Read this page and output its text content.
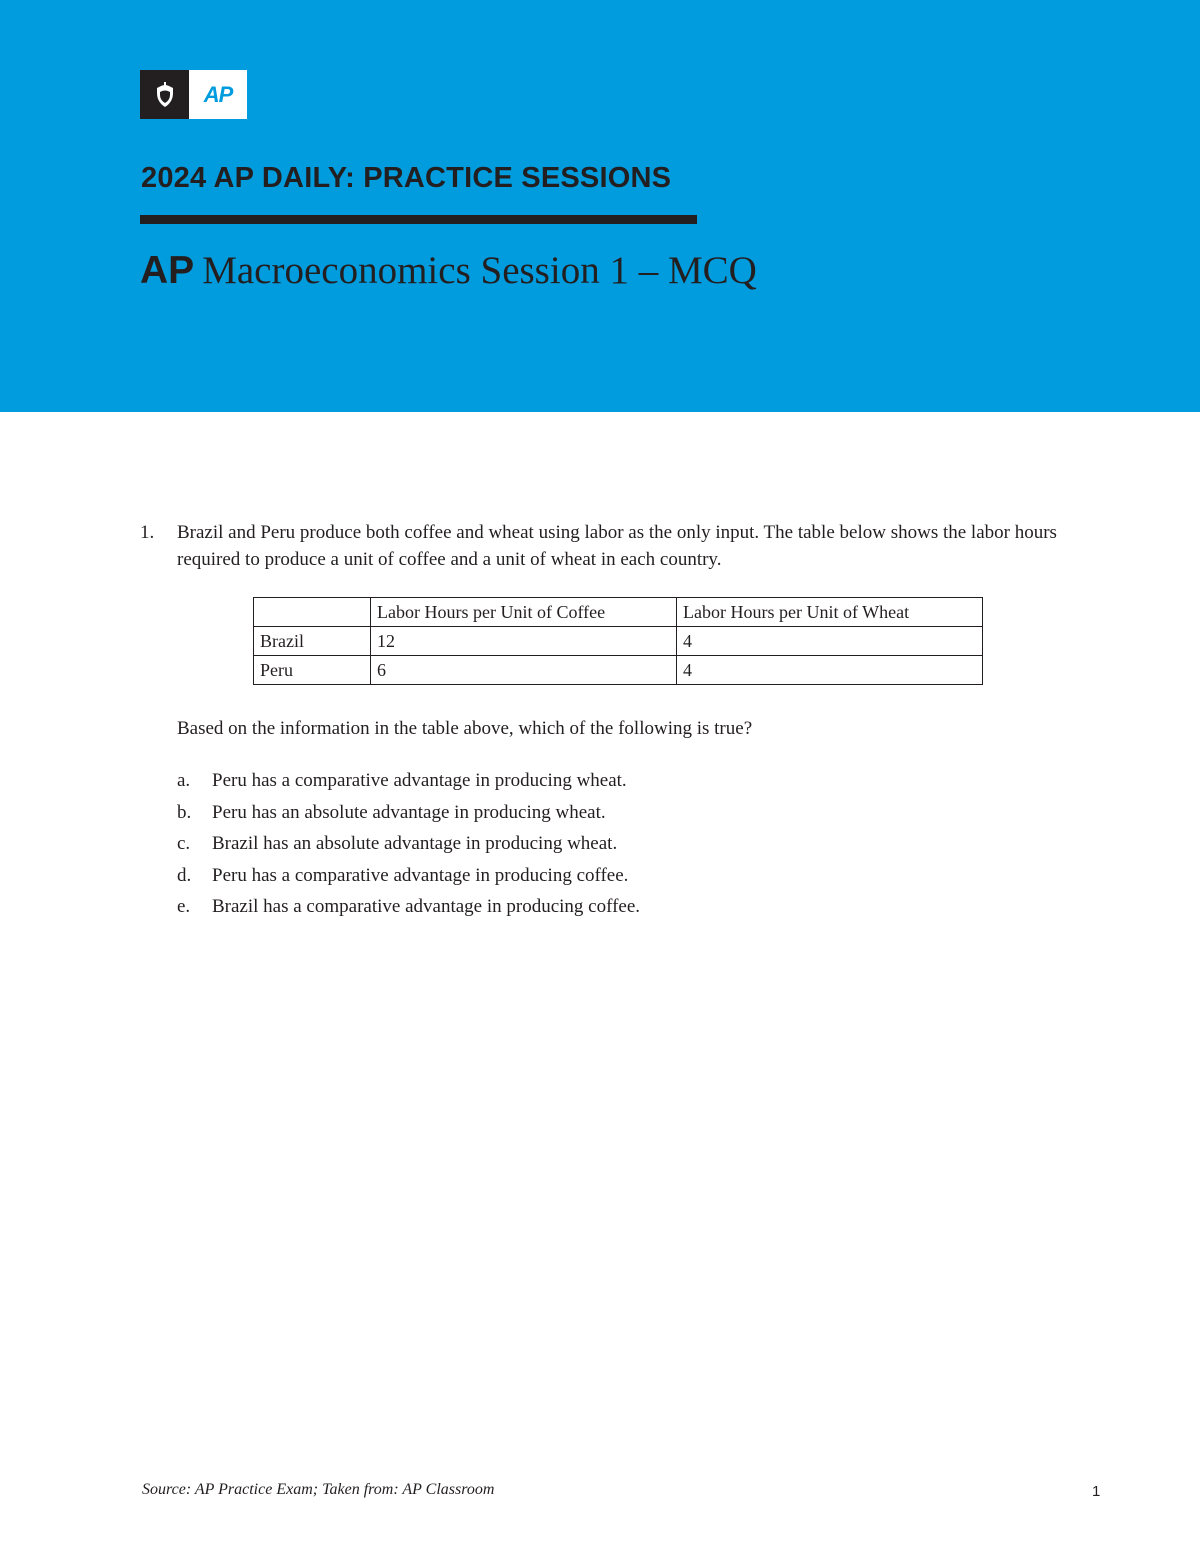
AP
2024 AP DAILY: PRACTICE SESSIONS
AP Macroeconomics Session 1 – MCQ
1. Brazil and Peru produce both coffee and wheat using labor as the only input. The table below shows the labor hours required to produce a unit of coffee and a unit of wheat in each country.
	Labor Hours per Unit of Coffee	Labor Hours per Unit of Wheat
Brazil	12	4
Peru	6	4

Based on the information in the table above, which of the following is true?

a.	Peru has a comparative advantage in producing wheat.
b.	Peru has an absolute advantage in producing wheat.
c.	Brazil has an absolute advantage in producing wheat.
d.	Peru has a comparative advantage in producing coffee.
e.	Brazil has a comparative advantage in producing coffee.
Source: AP Practice Exam; Taken from: AP Classroom	1
